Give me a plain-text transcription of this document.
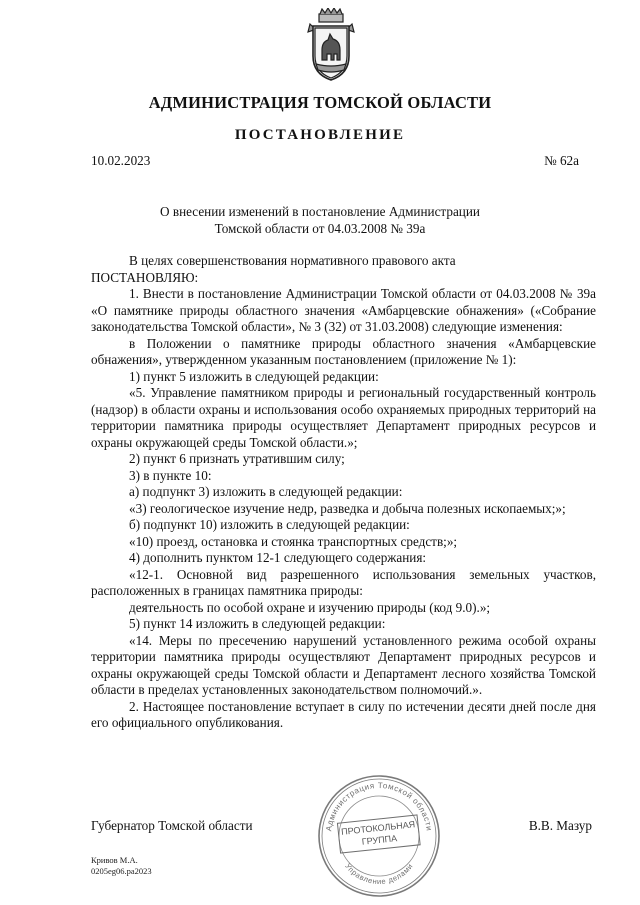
АДМИНИСТРАЦИЯ ТОМСКОЙ ОБЛАСТИ
ПОСТАНОВЛЕНИЕ
10.02.2023	№ 62а
О внесении изменений в постановление Администрации
Томской области от 04.03.2008 № 39а

В целях совершенствования нормативного правового акта

ПОСТАНОВЛЯЮ:

1. Внести в постановление Администрации Томской области от 04.03.2008 № 39а «О памятнике природы областного значения «Амбарцевские обнажения» («Собрание законодательства Томской области», № 3 (32) от 31.03.2008) следующие изменения:

в Положении о памятнике природы областного значения «Амбарцевские обнажения», утвержденном указанным постановлением (приложение № 1):

1) пункт 5 изложить в следующей редакции:

«5. Управление памятником природы и региональный государственный контроль (надзор) в области охраны и использования особо охраняемых природных территорий на территории памятника природы осуществляет Департамент природных ресурсов и охраны окружающей среды Томской области.»;

2) пункт 6 признать утратившим силу;

3) в пункте 10:

а) подпункт 3) изложить в следующей редакции:

«3) геологическое изучение недр, разведка и добыча полезных ископаемых;»;

б) подпункт 10) изложить в следующей редакции:

«10) проезд, остановка и стоянка транспортных средств;»;

4) дополнить пунктом 12-1 следующего содержания:

«12-1. Основной вид разрешенного использования земельных участков, расположенных в границах памятника природы:

деятельность по особой охране и изучению природы (код 9.0).»;

5) пункт 14 изложить в следующей редакции:

«14. Меры по пресечению нарушений установленного режима особой охраны территории памятника природы осуществляют Департамент природных ресурсов и охраны окружающей среды Томской области и Департамент лесного хозяйства Томской области в пределах установленных законодательством полномочий.».

2. Настоящее постановление вступает в силу по истечении десяти дней после дня его официального опубликования.

Губернатор Томской области	В.В. Мазур
Администрация Томской области
Управление делами
ПРОТОКОЛЬНАЯ
ГРУППА
Кривов М.А.
0205eg06.pa2023
